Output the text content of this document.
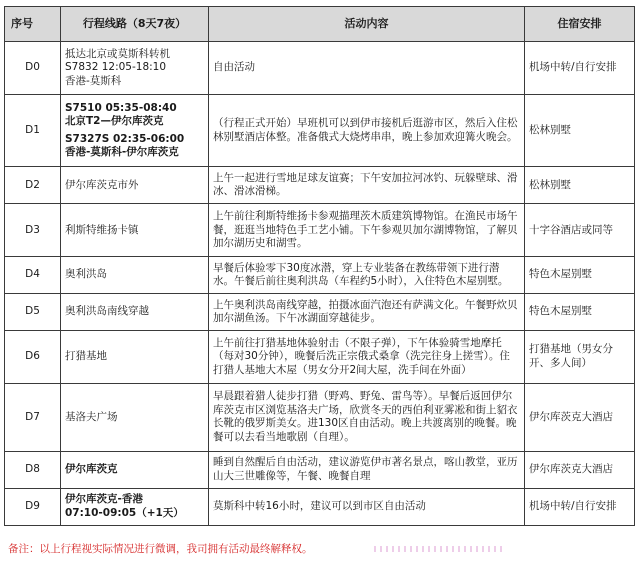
序号	行程线路（8天7夜）	活动内容	住宿安排
D0	抵达北京或莫斯科转机
S7832 12:05-18:10
香港-莫斯科	自由活动	机场中转/自行安排
D1	S7510 05:35-08:40
北京T2—伊尔库茨克
S7327S 02:35-06:00
香港-莫斯科-伊尔库茨克	（行程正式开始）早班机可以到伊市接机后逛游市区，然后入住松林别墅酒店体整。准备俄式大烧烤串串，晚上参加欢迎篝火晚会。	松林别墅
D2	伊尔库茨克市外	上午一起进行雪地足球友谊赛；下午安加拉河冰钓、玩躲壁球、滑冰、滑冰滑梯。	松林别墅
D3	利斯特维扬卡镇	上午前往利斯特维扬卡参观描理茨木质建筑博物馆。在渔民市场午餐，逛逛当地特色手工艺小铺。下午参观贝加尔湖博物馆，了解贝加尔湖历史和湖雪。	十字谷酒店或同等
D4	奥利洪岛	早餐后体验零下30度冰潜，穿上专业装备在教练带领下进行潜水。午餐后前往奥利洪岛（车程约5小时），入住特色木屋别墅。	特色木屋别墅
D5	奥利洪岛南线穿越	上午奥利洪岛南线穿越，拍摄冰面汽泡还有萨满文化。午餐野炊贝加尔湖鱼汤。下午冰湖面穿越徒步。	特色木屋别墅
D6	打猎基地	上午前往打猎基地体验射击（不限子弹），下午体验骑雪地摩托（每对30分钟），晚餐后洗正宗俄式桑拿（洗完往身上搓雪）。住打猎人基地大木屋（男女分开2间大屋，洗手间在外面）	打猎基地（男女分开、多人间）
D7	基洛夫广场	早晨跟着猎人徒步打猎（野鸡、野兔、雷鸟等）。早餐后返回伊尔库茨克市区浏览基洛夫广场，欣赏冬天的西伯利亚雾凇和街上貂衣长靴的俄罗斯美女。进130区自由活动。晚上共渡离别的晚餐。晚餐可以去看当地歌剧（自理）。	伊尔库茨克大酒店
D8	伊尔库茨克	睡到自然醒后自由活动，建议游览伊市著名景点，喀山教堂，亚历山大三世雕像等，午餐、晚餐自理	伊尔库茨克大酒店
D9	伊尔库茨克-香港
07:10-09:05（+1天）	莫斯科中转16小时，建议可以到市区自由活动	机场中转/自行安排
备注：以上行程视实际情况进行微调，我司拥有活动最终解释权。
